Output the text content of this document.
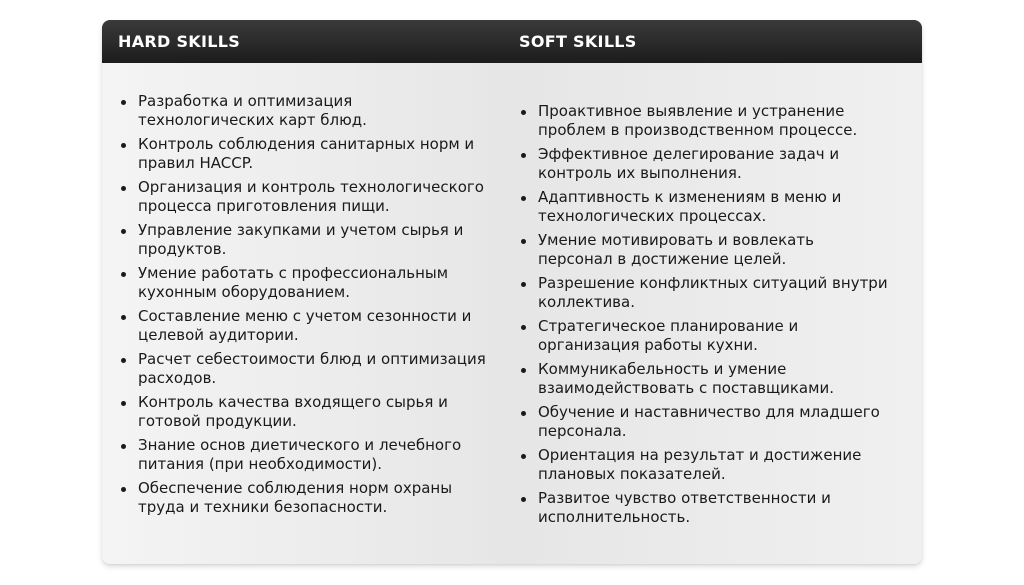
HARD SKILLS	SOFT SKILLS
Разработка и оптимизация технологических карт блюд.
Контроль соблюдения санитарных норм и правил HACCP.
Организация и контроль технологического процесса приготовления пищи.
Управление закупками и учетом сырья и продуктов.
Умение работать с профессиональным кухонным оборудованием.
Составление меню с учетом сезонности и целевой аудитории.
Расчет себестоимости блюд и оптимизация расходов.
Контроль качества входящего сырья и готовой продукции.
Знание основ диетического и лечебного питания (при необходимости).
Обеспечение соблюдения норм охраны труда и техники безопасности.
Проактивное выявление и устранение проблем в производственном процессе.
Эффективное делегирование задач и контроль их выполнения.
Адаптивность к изменениям в меню и технологических процессах.
Умение мотивировать и вовлекать персонал в достижение целей.
Разрешение конфликтных ситуаций внутри коллектива.
Стратегическое планирование и организация работы кухни.
Коммуникабельность и умение взаимодействовать с поставщиками.
Обучение и наставничество для младшего персонала.
Ориентация на результат и достижение плановых показателей.
Развитое чувство ответственности и исполнительность.
